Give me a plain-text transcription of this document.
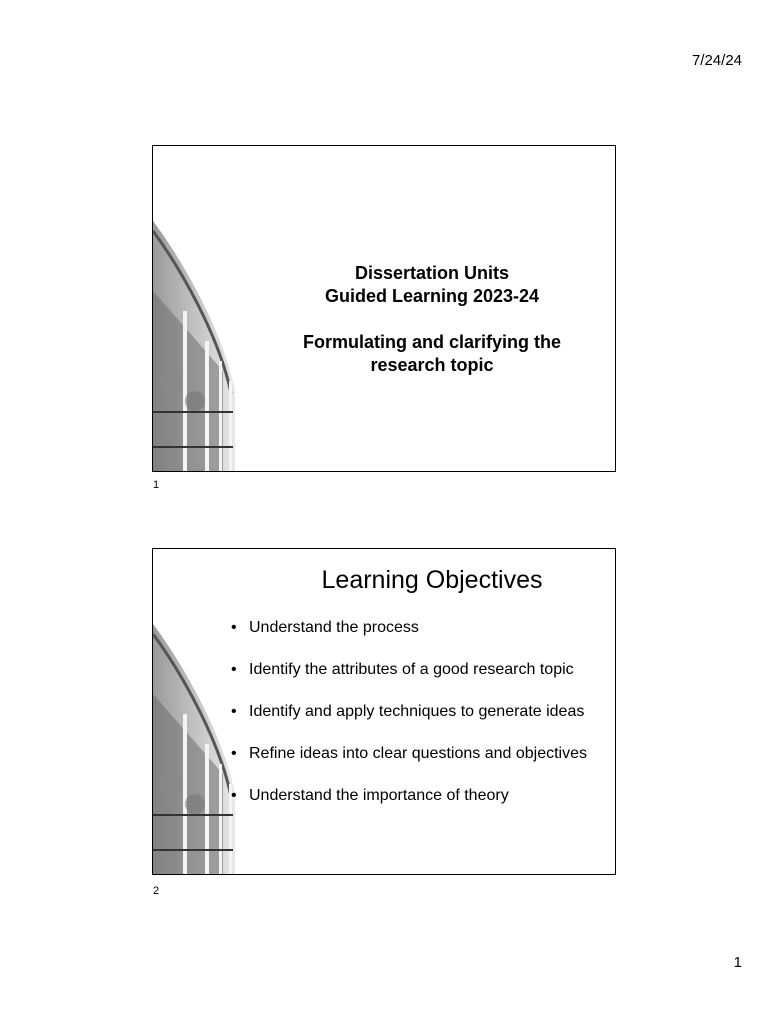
7/24/24
Dissertation Units
Guided Learning 2023-24
Formulating and clarifying the
research topic
1
Learning Objectives
• Understand the process
• Identify the attributes of a good research topic
• Identify and apply techniques to generate ideas
• Refine ideas into clear questions and objectives
• Understand the importance of theory
2
1
